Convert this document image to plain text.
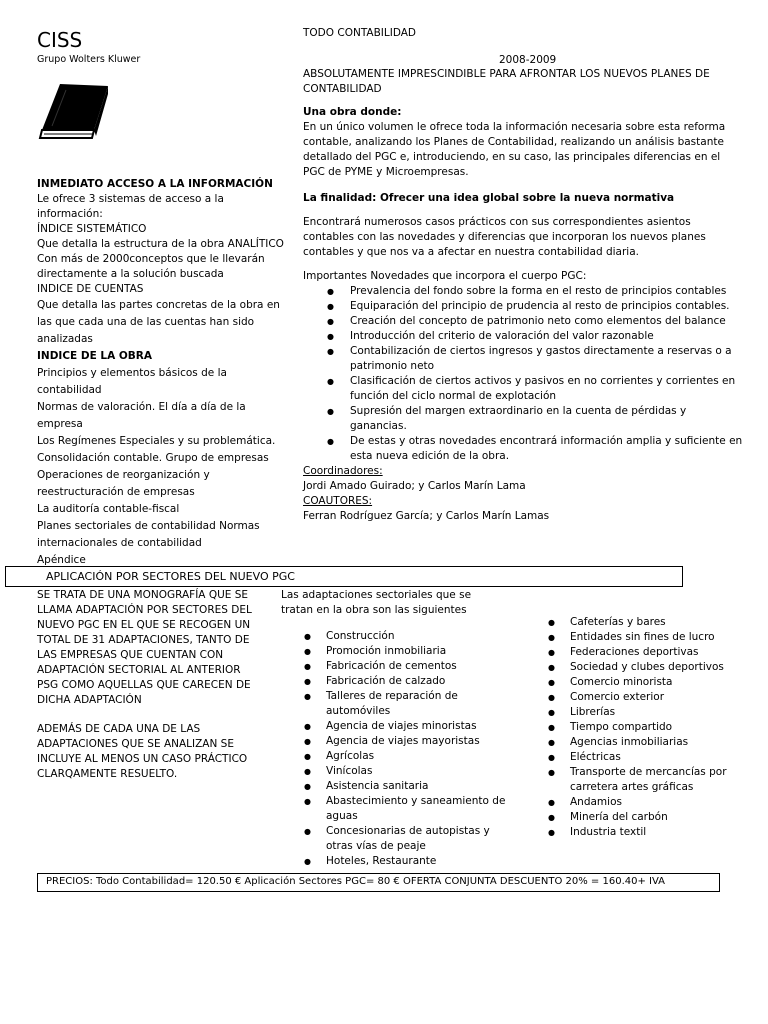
CISS
Grupo Wolters Kluwer
TODO CONTABILIDAD
2008-2009
ABSOLUTAMENTE IMPRESCINDIBLE PARA AFRONTAR LOS NUEVOS PLANES DE CONTABILIDAD

Una obra donde:

En un único volumen le ofrece toda la información necesaria sobre esta reforma contable, analizando los Planes de Contabilidad, realizando un análisis bastante detallado del PGC e, introduciendo, en su caso, las principales diferencias en el PGC de PYME y Microempresas.

La finalidad: Ofrecer una idea global sobre la nueva normativa

Encontrará numerosos casos prácticos con sus correspondientes asientos contables con las novedades y diferencias que incorporan los nuevos planes contables y que nos va a afectar en nuestra contabilidad diaria.

Importantes Novedades que incorpora el cuerpo PGC:

● Prevalencia del fondo sobre la forma en el resto de principios contables
● Equiparación del principio de prudencia al resto de principios contables.
● Creación del concepto de patrimonio neto como elementos del balance
● Introducción del criterio de valoración del valor razonable
● Contabilización de ciertos ingresos y gastos directamente a reservas o a patrimonio neto
● Clasificación de ciertos activos y pasivos en no corrientes y corrientes en función del ciclo normal de explotación
● Supresión del margen extraordinario en la cuenta de pérdidas y ganancias.
● De estas y otras novedades encontrará información amplia y suficiente en esta nueva edición de la obra.

Coordinadores:

Jordi Amado Guirado; y Carlos Marín Lama

COAUTORES:

Ferran Rodríguez García; y Carlos Marín Lamas

INMEDIATO ACCESO A LA INFORMACIÓN

Le ofrece 3 sistemas de acceso a la

información:

ÍNDICE SISTEMÁTICO

Que detalla la estructura de la obra ANALÍTICO

Con más de 2000conceptos que le llevarán

directamente a la solución buscada

INDICE DE CUENTAS

Que detalla las partes concretas de la obra en

las que cada una de las cuentas han sido

analizadas

INDICE DE LA OBRA

Principios y elementos básicos de la

contabilidad

Normas de valoración. El día a día de la

empresa

Los Regímenes Especiales y su problemática.

Consolidación contable. Grupo de empresas

Operaciones de reorganización y

reestructuración de empresas

La auditoría contable-fiscal

Planes sectoriales de contabilidad Normas

internacionales de contabilidad

Apéndice

APLICACIÓN POR SECTORES DEL NUEVO PGC

SE TRATA DE UNA MONOGRAFÍA QUE SE

LLAMA ADAPTACIÓN POR SECTORES DEL

NUEVO PGC EN EL QUE SE RECOGEN UN

TOTAL DE 31 ADAPTACIONES, TANTO DE

LAS EMPRESAS QUE CUENTAN CON

ADAPTACIÓN SECTORIAL AL ANTERIOR

PSG COMO AQUELLAS QUE CARECEN DE

DICHA ADAPTACIÓN

ADEMÁS DE CADA UNA DE LAS

ADAPTACIONES QUE SE ANALIZAN SE

INCLUYE AL MENOS UN CASO PRÁCTICO

CLARQAMENTE RESUELTO.

Las adaptaciones sectoriales que se tratan en la obra son las siguientes
● Construcción
● Promoción inmobiliaria
● Fabricación de cementos
● Fabricación de calzado
● Talleres de reparación de automóviles
● Agencia de viajes minoristas
● Agencia de viajes mayoristas
● Agrícolas
● Vinícolas
● Asistencia sanitaria
● Abastecimiento y saneamiento de aguas
● Concesionarias de autopistas y otras vías de peaje
● Hoteles, Restaurante
● Cafeterías y bares
● Entidades sin fines de lucro
● Federaciones deportivas
● Sociedad y clubes deportivos
● Comercio minorista
● Comercio exterior
● Librerías
● Tiempo compartido
● Agencias inmobiliarias
● Eléctricas
● Transporte de mercancías por carretera artes gráficas
● Andamios
● Minería del carbón
● Industria textil
PRECIOS: Todo Contabilidad= 120.50 € Aplicación Sectores PGC= 80 € OFERTA CONJUNTA DESCUENTO 20% = 160.40+ IVA
